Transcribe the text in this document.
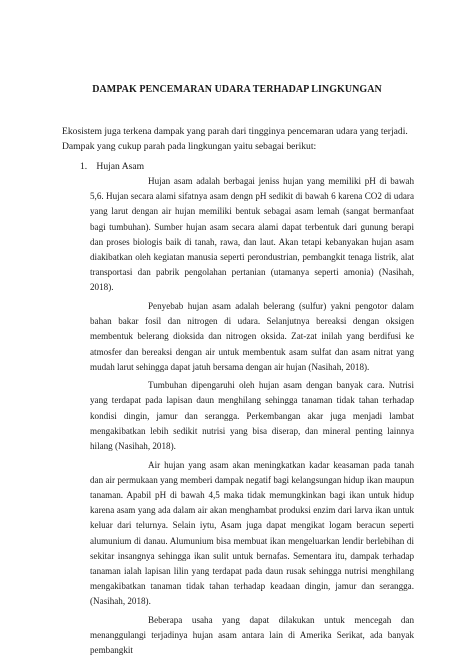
DAMPAK PENCEMARAN UDARA TERHADAP LINGKUNGAN
Ekosistem juga terkena dampak yang parah dari tingginya pencemaran udara yang terjadi.
Dampak yang cukup parah pada lingkungan yaitu sebagai berikut:
1. Hujan Asam

Hujan asam adalah berbagai jeniss hujan yang memiliki pH di bawah 5,6. Hujan secara alami sifatnya asam dengn pH sedikit di bawah 6 karena CO2 di udara yang larut dengan air hujan memiliki bentuk sebagai asam lemah (sangat bermanfaat bagi tumbuhan). Sumber hujan asam secara alami dapat terbentuk dari gunung berapi dan proses biologis baik di tanah, rawa, dan laut. Akan tetapi kebanyakan hujan asam diakibatkan oleh kegiatan manusia seperti perondustrian, pembangkit tenaga listrik, alat transportasi dan pabrik pengolahan pertanian (utamanya seperti amonia) (Nasihah, 2018).

Penyebab hujan asam adalah belerang (sulfur) yakni pengotor dalam bahan bakar fosil dan nitrogen di udara. Selanjutnya bereaksi dengan oksigen membentuk belerang dioksida dan nitrogen oksida. Zat-zat inilah yang berdifusi ke atmosfer dan bereaksi dengan air untuk membentuk asam sulfat dan asam nitrat yang mudah larut sehingga dapat jatuh bersama dengan air hujan (Nasihah, 2018).

Tumbuhan dipengaruhi oleh hujan asam dengan banyak cara. Nutrisi yang terdapat pada lapisan daun menghilang sehingga tanaman tidak tahan terhadap kondisi dingin, jamur dan serangga. Perkembangan akar juga menjadi lambat mengakibatkan lebih sedikit nutrisi yang bisa diserap, dan mineral penting lainnya hilang (Nasihah, 2018).

Air hujan yang asam akan meningkatkan kadar keasaman pada tanah dan air permukaan yang memberi dampak negatif bagi kelangsungan hidup ikan maupun tanaman. Apabil pH di bawah 4,5 maka tidak memungkinkan bagi ikan untuk hidup karena asam yang ada dalam air akan menghambat produksi enzim dari larva ikan untuk keluar dari telurnya. Selain iytu, Asam juga dapat mengikat logam beracun seperti alumunium di danau. Alumunium bisa membuat ikan mengeluarkan lendir berlebihan di sekitar insangnya sehingga ikan sulit untuk bernafas. Sementara itu, dampak terhadap tanaman ialah lapisan lilin yang terdapat pada daun rusak sehingga nutrisi menghilang mengakibatkan tanaman tidak tahan terhadap keadaan dingin, jamur dan serangga. (Nasihah, 2018).

Beberapa usaha yang dapat dilakukan untuk mencegah dan menanggulangi terjadinya hujan asam antara lain di Amerika Serikat, ada banyak pembangkit
